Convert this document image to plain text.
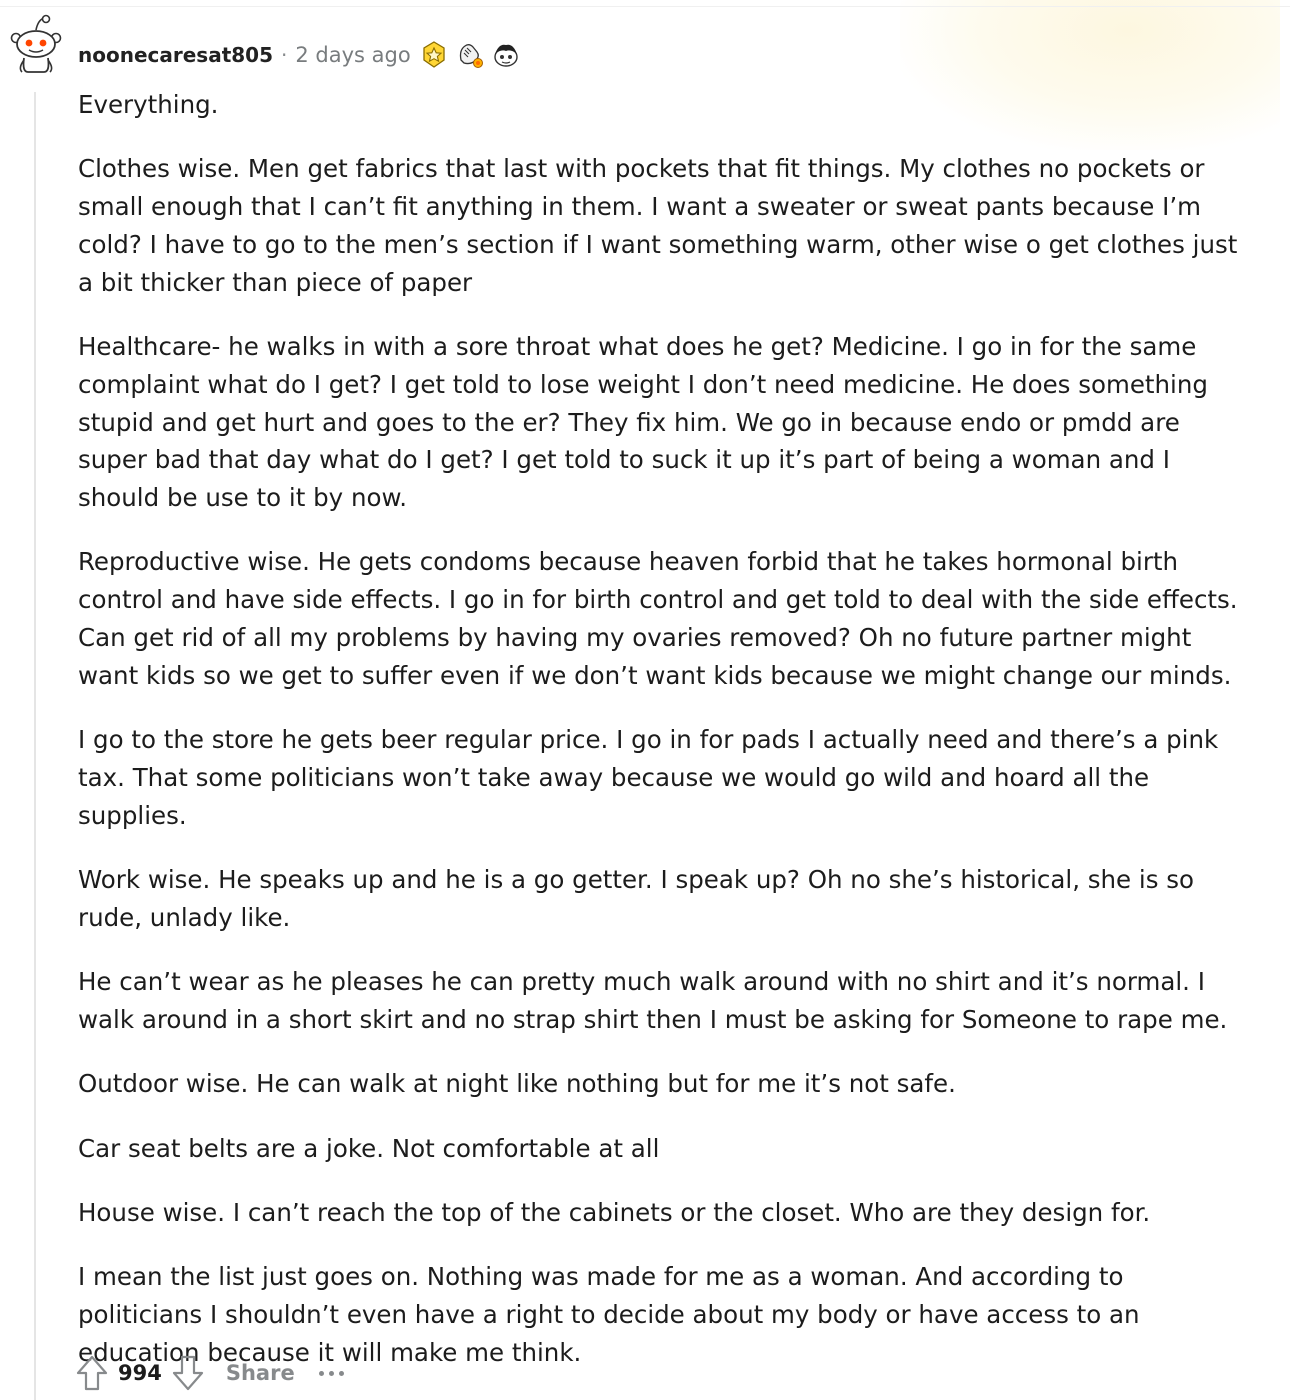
noonecaresat805 · 2 days ago

Everything.

Clothes wise. Men get fabrics that last with pockets that fit things. My clothes no pockets or small enough that I can’t fit anything in them. I want a sweater or sweat pants because I’m cold? I have to go to the men’s section if I want something warm, other wise o get clothes just a bit thicker than piece of paper

Healthcare- he walks in with a sore throat what does he get? Medicine. I go in for the same complaint what do I get? I get told to lose weight I don’t need medicine. He does something stupid and get hurt and goes to the er? They fix him. We go in because endo or pmdd are super bad that day what do I get? I get told to suck it up it’s part of being a woman and I should be use to it by now.

Reproductive wise. He gets condoms because heaven forbid that he takes hormonal birth control and have side effects. I go in for birth control and get told to deal with the side effects. Can get rid of all my problems by having my ovaries removed? Oh no future partner might want kids so we get to suffer even if we don’t want kids because we might change our minds.

I go to the store he gets beer regular price. I go in for pads I actually need and there’s a pink tax. That some politicians won’t take away because we would go wild and hoard all the supplies.

Work wise. He speaks up and he is a go getter. I speak up? Oh no she’s historical, she is so rude, unlady like.

He can’t wear as he pleases he can pretty much walk around with no shirt and it’s normal. I walk around in a short skirt and no strap shirt then I must be asking for Someone to rape me.

Outdoor wise. He can walk at night like nothing but for me it’s not safe.

Car seat belts are a joke. Not comfortable at all

House wise. I can’t reach the top of the cabinets or the closet. Who are they design for.

I mean the list just goes on. Nothing was made for me as a woman. And according to politicians I shouldn’t even have a right to decide about my body or have access to an education because it will make me think.

994	Share
